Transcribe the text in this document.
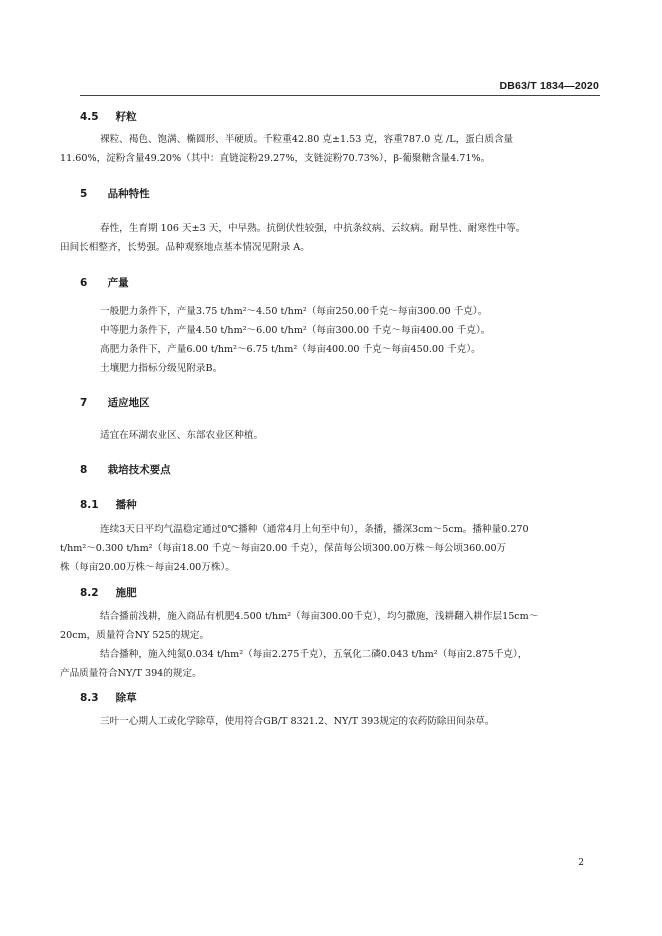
DB63/T 1834—2020
4.5 籽粒
裸粒、褐色、饱满、椭圆形、半硬质。千粒重42.80 克±1.53 克，容重787.0 克 /L，蛋白质含量
11.60%，淀粉含量49.20%（其中：直链淀粉29.27%，支链淀粉70.73%），β-葡聚糖含量4.71%。
5 品种特性
春性，生育期 106 天±3 天，中早熟。抗倒伏性较强，中抗条纹病、云纹病。耐旱性、耐寒性中等。
田间长相整齐，长势强。品种观察地点基本情况见附录 A。
6 产量
一般肥力条件下，产量3.75 t/hm²～4.50 t/hm²（每亩250.00千克～每亩300.00 千克）。
中等肥力条件下，产量4.50 t/hm²～6.00 t/hm²（每亩300.00 千克～每亩400.00 千克）。
高肥力条件下，产量6.00 t/hm²～6.75 t/hm²（每亩400.00 千克～每亩450.00 千克）。
土壤肥力指标分级见附录B。
7 适应地区
适宜在环湖农业区、东部农业区种植。
8 栽培技术要点
8.1 播种
连续3天日平均气温稳定通过0℃播种（通常4月上旬至中旬），条播，播深3cm～5cm。播种量0.270
t/hm²～0.300 t/hm²（每亩18.00 千克～每亩20.00 千克），保苗每公顷300.00万株～每公顷360.00万
株（每亩20.00万株～每亩24.00万株）。
8.2 施肥
结合播前浅耕，施入商品有机肥4.500 t/hm²（每亩300.00千克），均匀撒施，浅耕翻入耕作层15cm～
20cm，质量符合NY 525的规定。
结合播种，施入纯氮0.034 t/hm²（每亩2.275千克），五氧化二磷0.043 t/hm²（每亩2.875千克），
产品质量符合NY/T 394的规定。
8.3 除草
三叶一心期人工或化学除草，使用符合GB/T 8321.2、NY/T 393规定的农药防除田间杂草。
2
